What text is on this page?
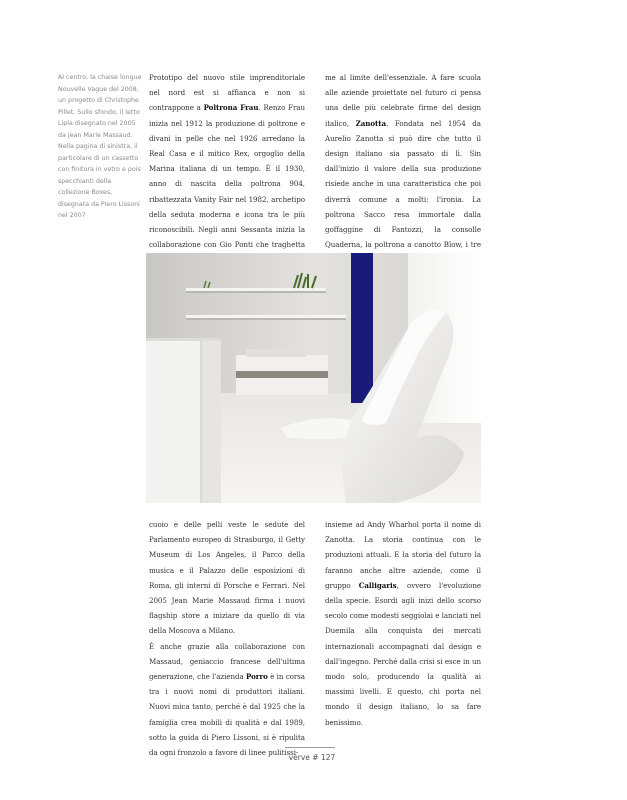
Al centro, la chaise longue Nouvelle Vague del 2008, un progetto di Christophe Pillet. Sullo sfondo, il letto Lipla disegnato nel 2005 da Jean Marie Massaud. Nella pagina di sinistra, il particolare di un cassetto con finitura in vetro e pois specchianti della collezione Boxes, disegnata da Piero Lissoni nel 2007

Prototipo del nuovo stile imprenditoriale nel nord est si affianca e non si contrappone a Poltrona Frau. Renzo Frau inizia nel 1912 la produzione di poltrone e divani in pelle che nel 1926 arredano la Real Casa e il mitico Rex, orgoglio della Marina italiana di un tempo. È il 1930, anno di nascita della poltrona 904, ribattezzata Vanity Fair nel 1982, archetipo della seduta moderna e icona tra le più riconoscibili. Negli anni Sessanta inizia la collaborazione con Gio Ponti che traghetta

me al limite dell'essenziale. A fare scuola alle aziende proiettate nel futuro ci pensa una delle più celebrate firme del design italico, Zanotta. Fondata nel 1954 da Aurelio Zanotta si può dire che tutto il design italiano sia passato di lì. Sin dall'inizio il valore della sua produzione risiede anche in una caratteristica che poi diverrà comune a molti: l'ironia. La poltrona Sacco resa immortale dalla goffaggine di Fantozzi, la consolle Quaderna, la poltrona a canotto Blow, i tre

cuoio e delle pelli veste le sedute del Parlamento europeo di Strasburgo, il Getty Museum di Los Angeles, il Parco della musica e il Palazzo delle esposizioni di Roma, gli interni di Porsche e Ferrari. Nel 2005 Jean Marie Massaud firma i nuovi flagship store a iniziare da quello di via della Moscova a Milano.

È anche grazie alla collaborazione con Massaud, geniaccio francese dell'ultima generazione, che l'azienda Porro è in corsa tra i nuovi nomi di produttori italiani. Nuovi mica tanto, perché è dal 1925 che la famiglia crea mobili di qualità e dal 1989, sotto la guida di Piero Lissoni, si è ripulita da ogni fronzolo a favore di linee pulitissi-

insieme ad Andy Wharhol porta il nome di Zanotta. La storia continua con le produzioni attuali. E la storia del futuro la faranno anche altre aziende, come il gruppo Calligaris, ovvero l'evoluzione della specie. Esordi agli inizi dello scorso secolo come modesti seggiolai e lanciati nel Duemila alla conquista dei mercati internazionali accompagnati dal design e dall'ingegno. Perché dalla crisi si esce in un modo solo, producendo la qualità ai massimi livelli. E questo, chi porta nel mondo il design italiano, lo sa fare benissimo.

verve # 127
